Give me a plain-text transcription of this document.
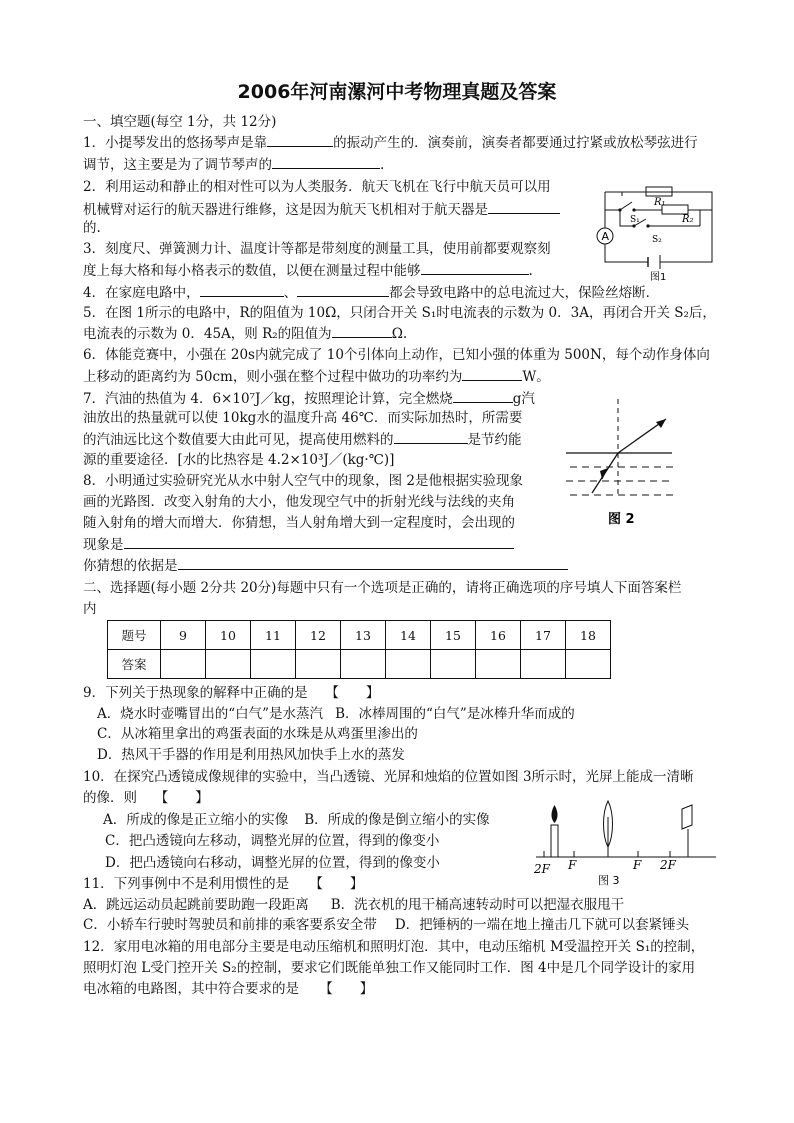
2006年河南漯河中考物理真题及答案
一、填空题(每空 1分，共 12分)
1．小提琴发出的悠扬琴声是靠	的振动产生的．演奏前，演奏者都要通过拧紧或放松琴弦进行
调节，这主要是为了调节琴声的	.
2．利用运动和静止的相对性可以为人类服务．航天飞机在飞行中航天员可以用
机械臂对运行的航天器进行维修，这是因为航天飞机相对于航天器是
的.
3．刻度尺、弹簧测力计、温度计等都是带刻度的测量工具，使用前都要观察刻
度上每大格和每小格表示的数值，以便在测量过程中能够	.
4．在家庭电路中，	、	都会导致电路中的总电流过大，保险丝熔断．
5．在图 1所示的电路中，R的阻值为 10Ω，只闭合开关 S₁时电流表的示数为 0．3A，再闭合开关 S₂后，
电流表的示数为 0．45A，则 R₂的阻值为	Ω.
6．体能竞赛中，小强在 20s内就完成了 10个引体向上动作，已知小强的体重为 500N，每个动作身体向
上移动的距离约为 50cm，则小强在整个过程中做功的功率约为	W。
7．汽油的热值为 4．6×10⁷J／kg，按照理论计算，完全燃烧	g汽
油放出的热量就可以使 10kg水的温度升高 46℃．而实际加热时，所需要
的汽油远比这个数值要大由此可见，提高使用燃料的	是节约能
源的重要途径．[水的比热容是 4.2×10³J／(kg·℃)]
8．小明通过实验研究光从水中射人空气中的现象，图 2是他根据实验现象
画的光路图．改变入射角的大小，他发现空气中的折射光线与法线的夹角
随入射角的增大而增大．你猜想，当人射角增大到一定程度时，会出现的
现象是
你猜想的依据是
二、选择题(每小题 2分共 20分)每题中只有一个选项是正确的，请将正确选项的序号填人下面答案栏
内
题号	9	10	11	12	13	14	15	16	17	18
答案										
9．下列关于热现象的解释中正确的是　 【　　】
A．烧水时壶嘴冒出的“白气”是水蒸汽 B．冰棒周围的“白气”是冰棒升华而成的
C．从冰箱里拿出的鸡蛋表面的水珠是从鸡蛋里渗出的
D．热风干手器的作用是利用热风加快手上水的蒸发
10．在探究凸透镜成像规律的实验中，当凸透镜、光屏和烛焰的位置如图 3所示时，光屏上能成一清晰
的像．则　 【　　】
A．所成的像是正立缩小的实像 B．所成的像是倒立缩小的实像
C．把凸透镜向左移动，调整光屏的位置，得到的像变小
D．把凸透镜向右移动，调整光屏的位置，得到的像变小
11．下列事例中不是利用惯性的是　　【　　】
A．跳远运动员起跳前要助跑一段距离 B．洗衣机的甩干桶高速转动时可以把湿衣服甩干
C．小轿车行驶时驾驶员和前排的乘客要系安全带 D．把锤柄的一端在地上撞击几下就可以套紧锤头
12．家用电冰箱的用电部分主要是电动压缩机和照明灯泡．其中，电动压缩机 M受温控开关 S₁的控制，
照明灯泡 L受门控开关 S₂的控制，要求它们既能单独工作又能同时工作．图 4中是几个同学设计的家用
电冰箱的电路图，其中符合要求的是　　【　　】
A
R₁
R₂
S₁
S₂
图1
图 2
2F F	F 2F
图 3
